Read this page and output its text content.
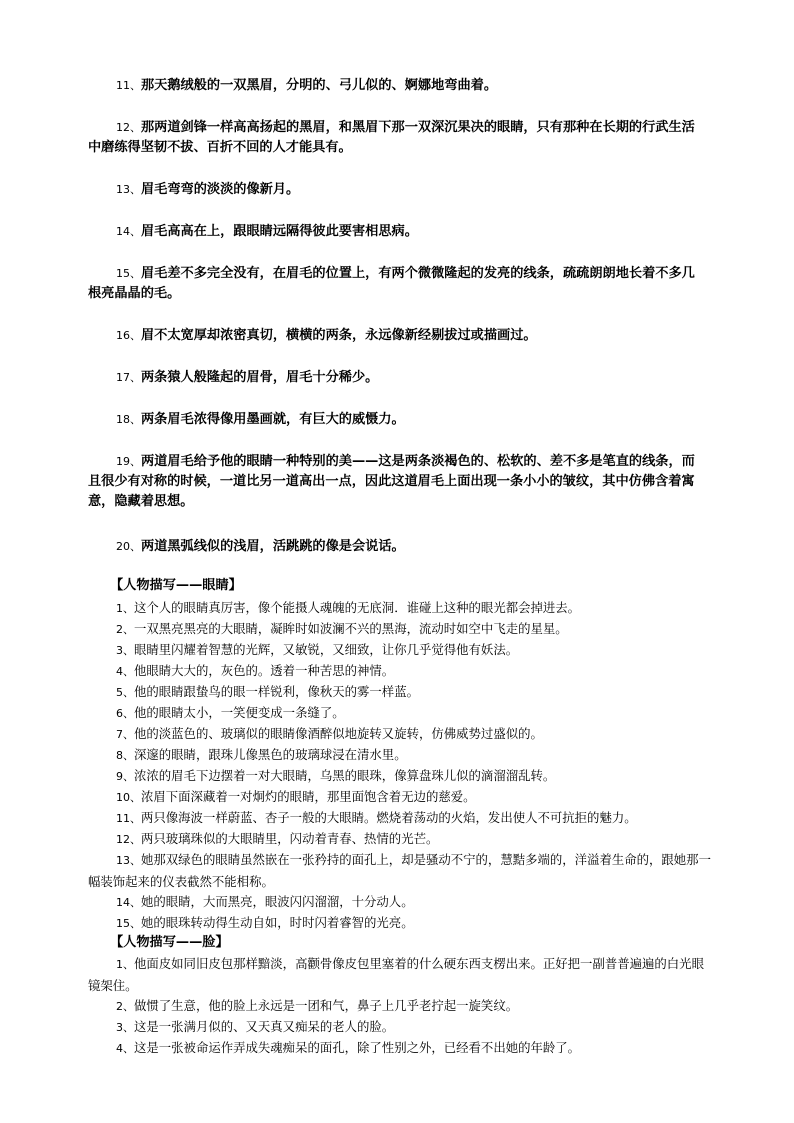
11、那天鹅绒般的一双黑眉，分明的、弓儿似的、婀娜地弯曲着。

12、那两道剑锋一样高高扬起的黑眉，和黑眉下那一双深沉果决的眼睛，只有那种在长期的行武生活中磨练得坚韧不拔、百折不回的人才能具有。

13、眉毛弯弯的淡淡的像新月。

14、眉毛高高在上，跟眼睛远隔得彼此要害相思病。

15、眉毛差不多完全没有，在眉毛的位置上，有两个微微隆起的发亮的线条，疏疏朗朗地长着不多几根亮晶晶的毛。

16、眉不太宽厚却浓密真切，横横的两条，永远像新经剔拔过或描画过。

17、两条猿人般隆起的眉骨，眉毛十分稀少。

18、两条眉毛浓得像用墨画就，有巨大的威慑力。

19、两道眉毛给予他的眼睛一种特别的美——这是两条淡褐色的、松软的、差不多是笔直的线条，而且很少有对称的时候，一道比另一道高出一点，因此这道眉毛上面出现一条小小的皱纹，其中仿佛含着寓意，隐藏着思想。

20、两道黑弧线似的浅眉，活跳跳的像是会说话。

【人物描写——眼睛】

1、这个人的眼睛真厉害，像个能摄人魂魄的无底洞．谁碰上这种的眼光都会掉进去。

2、一双黑亮黑亮的大眼睛，凝眸时如波澜不兴的黑海，流动时如空中飞走的星星。

3、眼睛里闪耀着智慧的光辉，又敏锐，又细致，让你几乎觉得他有妖法。

4、他眼睛大大的，灰色的。透着一种苦思的神情。

5、他的眼睛跟蛰鸟的眼一样锐利，像秋天的雾一样蓝。

6、他的眼睛太小，一笑便变成一条缝了。

7、他的淡蓝色的、玻璃似的眼睛像酒醉似地旋转又旋转，仿佛威势过盛似的。

8、深邃的眼睛，跟珠儿像黑色的玻璃球浸在清水里。

9、浓浓的眉毛下边摆着一对大眼睛，乌黑的眼珠，像算盘珠儿似的滴溜溜乱转。

10、浓眉下面深藏着一对炯灼的眼睛，那里面饱含着无边的慈爱。

11、两只像海波一样蔚蓝、杏子一般的大眼睛。燃烧着荡动的火焰，发出使人不可抗拒的魅力。

12、两只玻璃珠似的大眼睛里，闪动着青春、热情的光芒。

13、她那双绿色的眼睛虽然嵌在一张矜持的面孔上，却是骚动不宁的，慧黠多端的，洋溢着生命的，跟她那一幅装饰起来的仪表截然不能相称。

14、她的眼睛，大而黑亮，眼波闪闪溜溜，十分动人。

15、她的眼珠转动得生动自如，时时闪着睿智的光亮。

【人物描写——脸】

1、他面皮如同旧皮包那样黯淡，高颧骨像皮包里塞着的什么硬东西支楞出来。正好把一副普普遍遍的白光眼镜架住。

2、做惯了生意，他的脸上永远是一团和气，鼻子上几乎老拧起一旋笑纹。

3、这是一张满月似的、又天真又痴呆的老人的脸。

4、这是一张被命运作弄成失魂痴呆的面孔，除了性别之外，已经看不出她的年龄了。
